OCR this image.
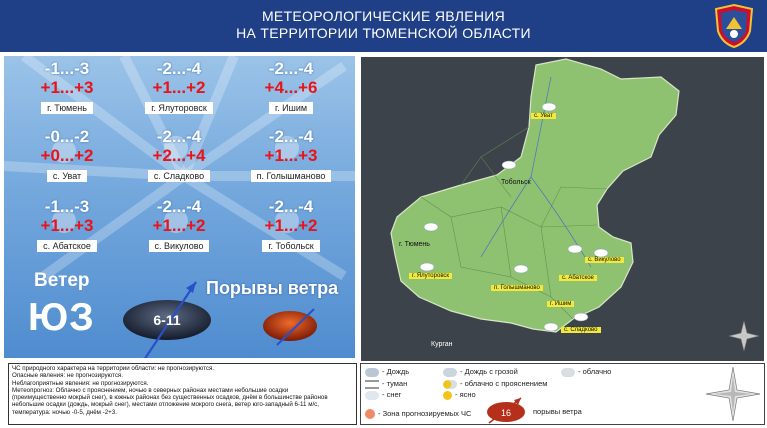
МЕТЕОРОЛОГИЧЕСКИЕ ЯВЛЕНИЯ
НА ТЕРРИТОРИИ ТЮМЕНСКОЙ ОБЛАСТИ
-1...-3
+1...+3
г. Тюмень
-2...-4
+1...+2
г. Ялуторовск
-2...-4
+4...+6
г. Ишим
-0...-2
+0...+2
с. Уват
-2...-4
+2...+4
с. Сладково
-2...-4
+1...+3
п. Голышманово
-1...-3
+1...+3
с. Абатское
-2...-4
+1...+2
с. Викулово
-2...-4
+1...+2
г. Тобольск
Ветер
ЮЗ	6-11
Порывы ветра
с. Уват
Тобольск
г. Тюмень
г. Ялуторовск
с. Викулово
с. Абатское
п. Голышманово
г. Ишим
с. Сладково
Курган
ЧС природного характера на территории области: не прогнозируются.
Опасные явления: не прогнозируются.
Неблагоприятные явления: не прогнозируются.
Метеопрогноз: Облачно с прояснением, ночью в северных районах местами небольшие осадки
(преимущественно мокрый снег), в южных районах без существенных осадков, днём в большинстве районов
небольшие осадки (дождь, мокрый снег), местами отложение мокрого снега, ветер юго-западный 6-11 м/с,
температура: ночью -0-5, днём -2+3.
- Дождь	- Дождь с грозой	- облачно
- туман	- облачно с прояснением
- снег	- ясно
- Зона прогнозируемых ЧС	16	порывы ветра
